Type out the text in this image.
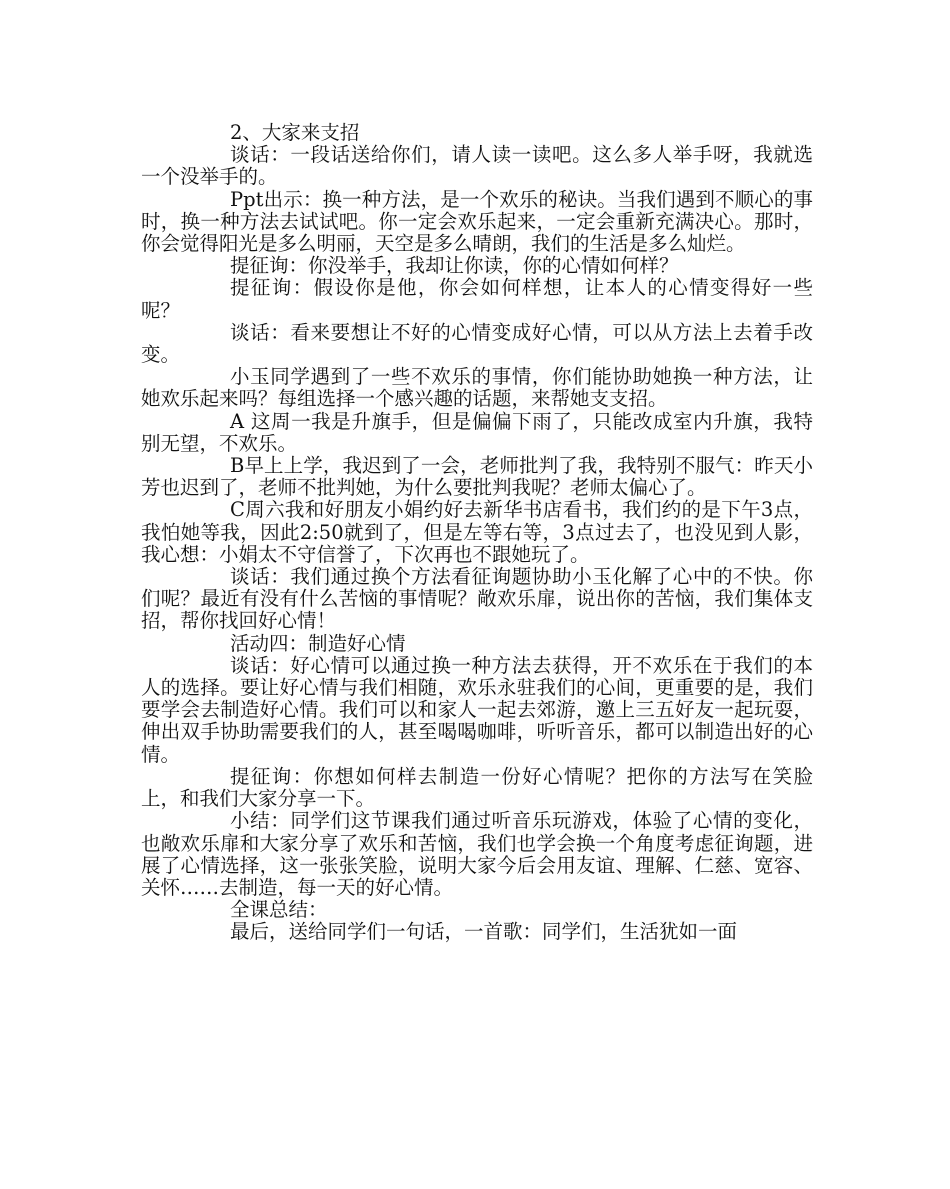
2、大家来支招

谈话：一段话送给你们，请人读一读吧。这么多人举手呀，我就选一个没举手的。

Ppt出示：换一种方法，是一个欢乐的秘诀。当我们遇到不顺心的事时，换一种方法去试试吧。你一定会欢乐起来，一定会重新充满决心。那时，你会觉得阳光是多么明丽，天空是多么晴朗，我们的生活是多么灿烂。

提征询：你没举手，我却让你读，你的心情如何样？

提征询：假设你是他，你会如何样想，让本人的心情变得好一些呢？

谈话：看来要想让不好的心情变成好心情，可以从方法上去着手改变。

小玉同学遇到了一些不欢乐的事情，你们能协助她换一种方法，让她欢乐起来吗？每组选择一个感兴趣的话题，来帮她支支招。

A 这周一我是升旗手，但是偏偏下雨了，只能改成室内升旗，我特别无望，不欢乐。

B早上上学，我迟到了一会，老师批判了我，我特别不服气：昨天小芳也迟到了，老师不批判她，为什么要批判我呢？老师太偏心了。

C周六我和好朋友小娟约好去新华书店看书，我们约的是下午3点，我怕她等我，因此2:50就到了，但是左等右等，3点过去了，也没见到人影，我心想：小娟太不守信誉了，下次再也不跟她玩了。

谈话：我们通过换个方法看征询题协助小玉化解了心中的不快。你们呢？最近有没有什么苦恼的事情呢？敞欢乐扉，说出你的苦恼，我们集体支招，帮你找回好心情！

活动四：制造好心情

谈话：好心情可以通过换一种方法去获得，开不欢乐在于我们的本人的选择。要让好心情与我们相随，欢乐永驻我们的心间，更重要的是，我们要学会去制造好心情。我们可以和家人一起去郊游，邀上三五好友一起玩耍，伸出双手协助需要我们的人，甚至喝喝咖啡，听听音乐，都可以制造出好的心情。

提征询：你想如何样去制造一份好心情呢？把你的方法写在笑脸上，和我们大家分享一下。

小结：同学们这节课我们通过听音乐玩游戏，体验了心情的变化，也敞欢乐扉和大家分享了欢乐和苦恼，我们也学会换一个角度考虑征询题，进展了心情选择，这一张张笑脸，说明大家今后会用友谊、理解、仁慈、宽容、关怀……去制造，每一天的好心情。

全课总结：

最后，送给同学们一句话，一首歌：同学们，生活犹如一面
